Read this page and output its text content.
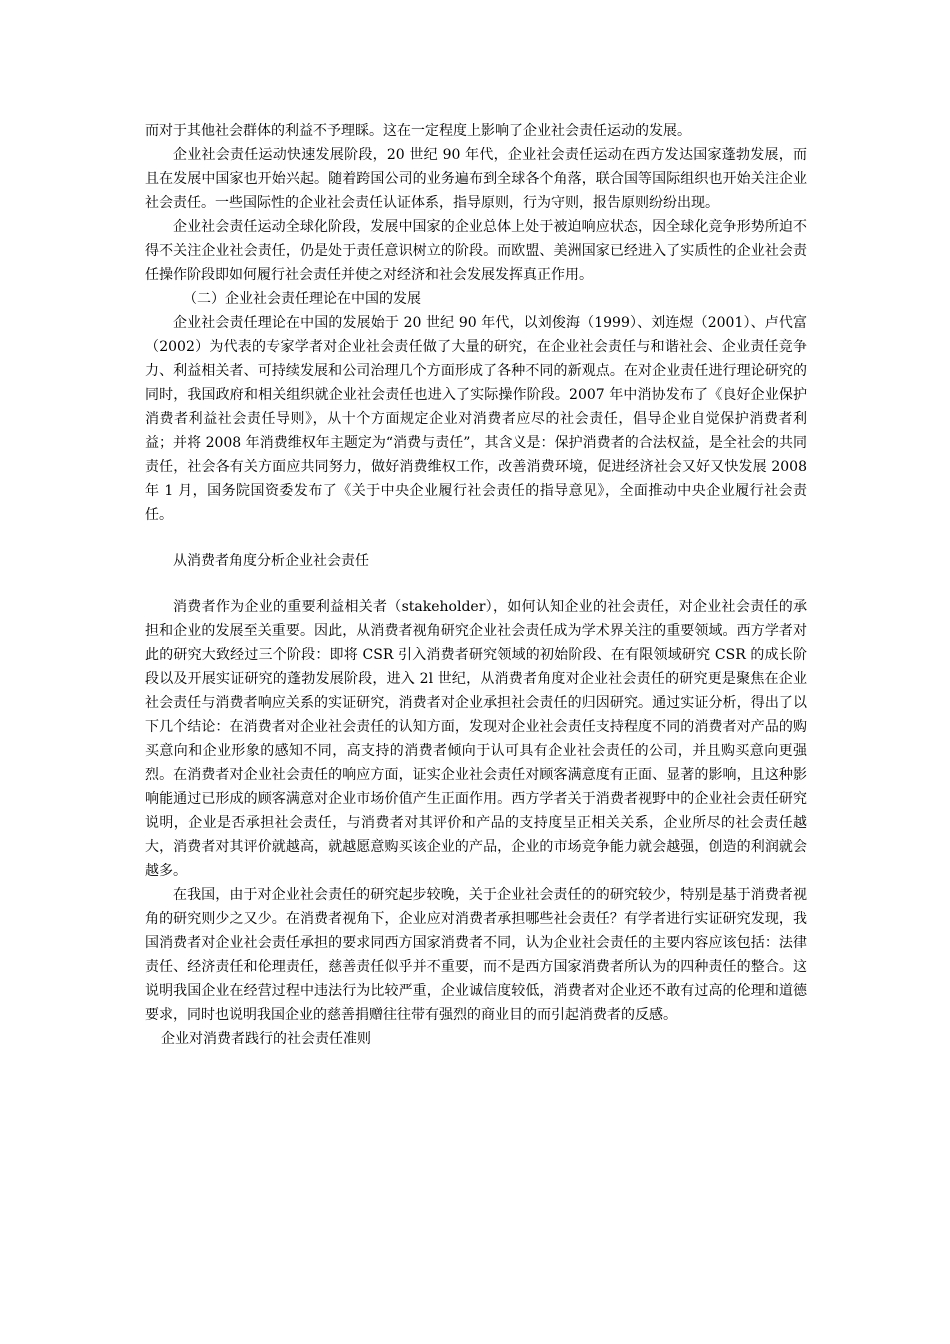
而对于其他社会群体的利益不予理睬。这在一定程度上影响了企业社会责任运动的发展。

企业社会责任运动快速发展阶段，20 世纪 90 年代，企业社会责任运动在西方发达国家蓬勃发展，而且在发展中国家也开始兴起。随着跨国公司的业务遍布到全球各个角落，联合国等国际组织也开始关注企业社会责任。一些国际性的企业社会责任认证体系，指导原则，行为守则，报告原则纷纷出现。

企业社会责任运动全球化阶段，发展中国家的企业总体上处于被迫响应状态，因全球化竞争形势所迫不得不关注企业社会责任，仍是处于责任意识树立的阶段。而欧盟、美洲国家已经进入了实质性的企业社会责任操作阶段即如何履行社会责任并使之对经济和社会发展发挥真正作用。

（二）企业社会责任理论在中国的发展

企业社会责任理论在中国的发展始于 20 世纪 90 年代，以刘俊海（1999）、刘连煜（2001）、卢代富（2002）为代表的专家学者对企业社会责任做了大量的研究，在企业社会责任与和谐社会、企业责任竞争力、利益相关者、可持续发展和公司治理几个方面形成了各种不同的新观点。在对企业责任进行理论研究的同时，我国政府和相关组织就企业社会责任也进入了实际操作阶段。2007 年中消协发布了《良好企业保护消费者利益社会责任导则》，从十个方面规定企业对消费者应尽的社会责任，倡导企业自觉保护消费者利益；并将 2008 年消费维权年主题定为“消费与责任”，其含义是：保护消费者的合法权益，是全社会的共同责任，社会各有关方面应共同努力，做好消费维权工作，改善消费环境，促进经济社会又好又快发展 2008 年 1 月，国务院国资委发布了《关于中央企业履行社会责任的指导意见》，全面推动中央企业履行社会责任。

从消费者角度分析企业社会责任

消费者作为企业的重要利益相关者（stakeholder），如何认知企业的社会责任，对企业社会责任的承担和企业的发展至关重要。因此，从消费者视角研究企业社会责任成为学术界关注的重要领域。西方学者对此的研究大致经过三个阶段：即将 CSR 引入消费者研究领域的初始阶段、在有限领域研究 CSR 的成长阶段以及开展实证研究的蓬勃发展阶段，进入 2l 世纪，从消费者角度对企业社会责任的研究更是聚焦在企业社会责任与消费者响应关系的实证研究，消费者对企业承担社会责任的归因研究。通过实证分析，得出了以下几个结论：在消费者对企业社会责任的认知方面，发现对企业社会责任支持程度不同的消费者对产品的购买意向和企业形象的感知不同，高支持的消费者倾向于认可具有企业社会责任的公司，并且购买意向更强烈。在消费者对企业社会责任的响应方面，证实企业社会责任对顾客满意度有正面、显著的影响，且这种影响能通过已形成的顾客满意对企业市场价值产生正面作用。西方学者关于消费者视野中的企业社会责任研究说明，企业是否承担社会责任，与消费者对其评价和产品的支持度呈正相关关系，企业所尽的社会责任越大，消费者对其评价就越高，就越愿意购买该企业的产品，企业的市场竞争能力就会越强，创造的利润就会越多。

在我国，由于对企业社会责任的研究起步较晚，关于企业社会责任的的研究较少，特别是基于消费者视角的研究则少之又少。在消费者视角下，企业应对消费者承担哪些社会责任？有学者进行实证研究发现，我国消费者对企业社会责任承担的要求同西方国家消费者不同，认为企业社会责任的主要内容应该包括：法律责任、经济责任和伦理责任，慈善责任似乎并不重要，而不是西方国家消费者所认为的四种责任的整合。这说明我国企业在经营过程中违法行为比较严重，企业诚信度较低，消费者对企业还不敢有过高的伦理和道德要求，同时也说明我国企业的慈善捐赠往往带有强烈的商业目的而引起消费者的反感。

企业对消费者践行的社会责任准则
